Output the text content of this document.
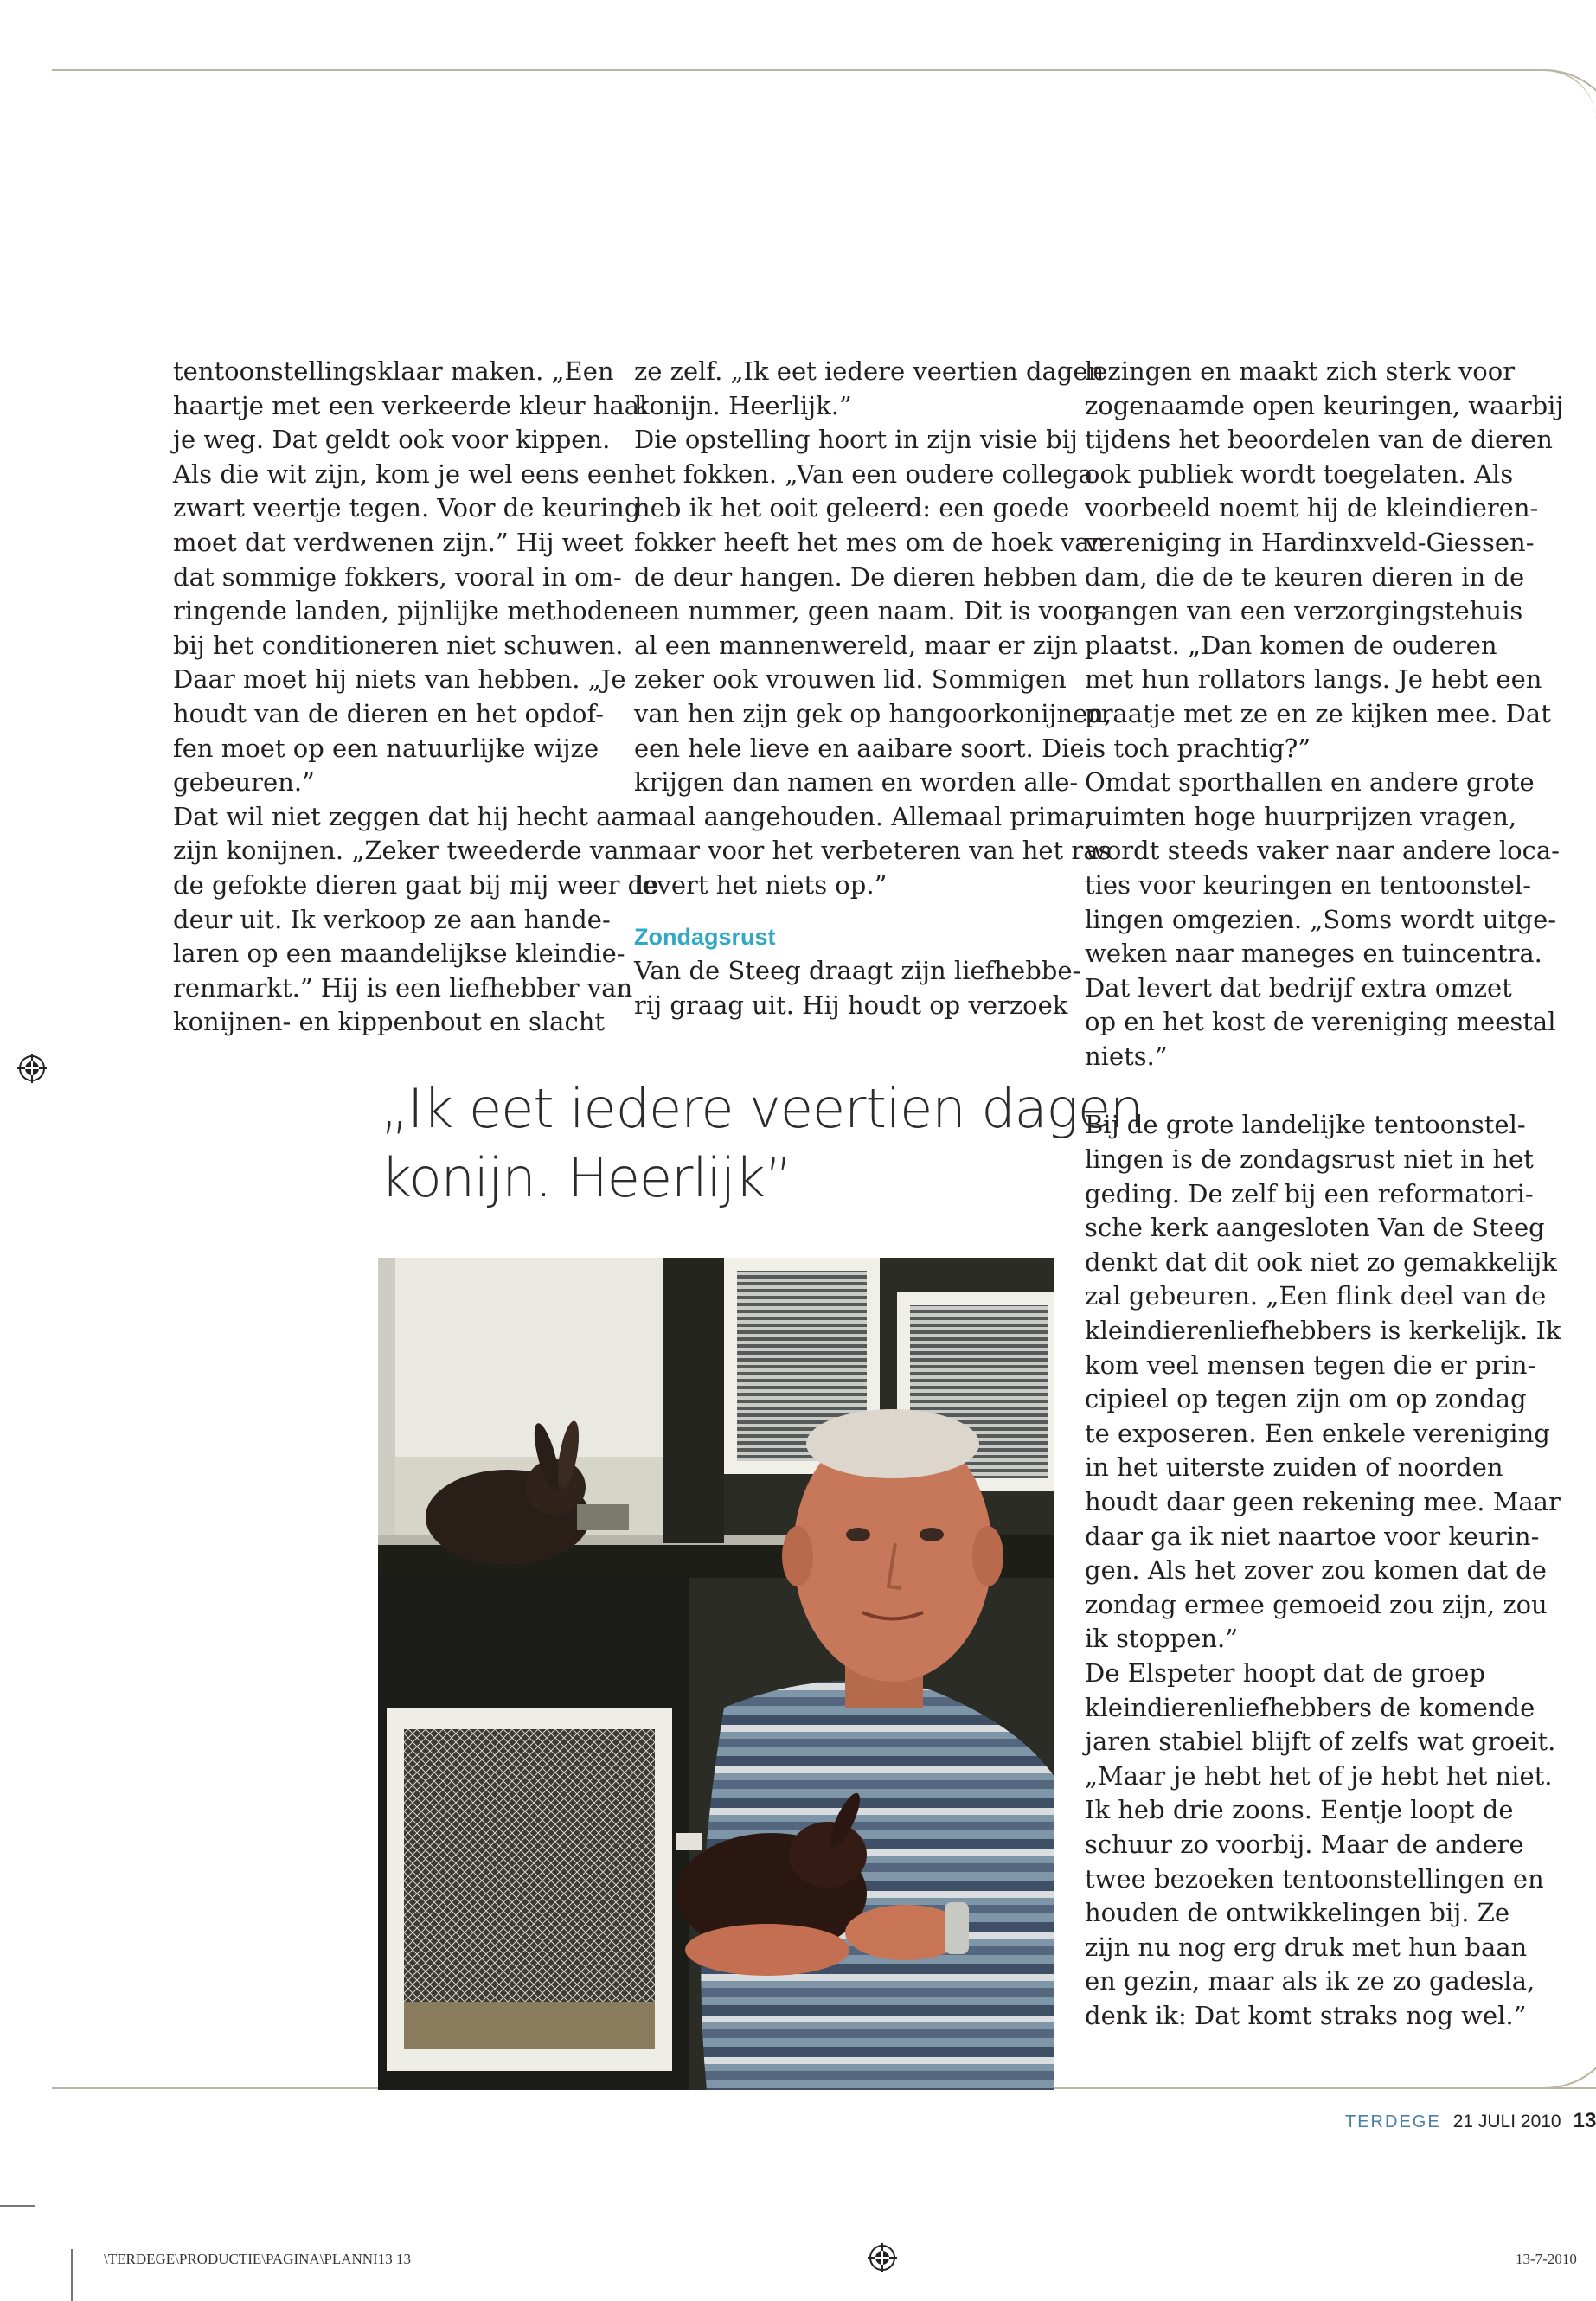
tentoonstellingsklaar maken. „Een
haartje met een verkeerde kleur haal
je weg. Dat geldt ook voor kippen.
Als die wit zijn, kom je wel eens een
zwart veertje tegen. Voor de keuring
moet dat verdwenen zijn.” Hij weet
dat sommige fokkers, vooral in om-
ringende landen, pijnlijke methoden
bij het conditioneren niet schuwen.
Daar moet hij niets van hebben. „Je
houdt van de dieren en het opdof-
fen moet op een natuurlijke wijze
gebeuren.”
Dat wil niet zeggen dat hij hecht aan
zijn konijnen. „Zeker tweederde van
de gefokte dieren gaat bij mij weer de
deur uit. Ik verkoop ze aan hande-
laren op een maandelijkse kleindie-
renmarkt.” Hij is een liefhebber van
konijnen- en kippenbout en slacht
ze zelf. „Ik eet iedere veertien dagen
konijn. Heerlijk.”
Die opstelling hoort in zijn visie bij
het fokken. „Van een oudere collega
heb ik het ooit geleerd: een goede
fokker heeft het mes om de hoek van
de deur hangen. De dieren hebben
een nummer, geen naam. Dit is voor-
al een mannenwereld, maar er zijn
zeker ook vrouwen lid. Sommigen
van hen zijn gek op hangoorkonijnen,
een hele lieve en aaibare soort. Die
krijgen dan namen en worden alle-
maal aangehouden. Allemaal prima,
maar voor het verbeteren van het ras
levert het niets op.”
Zondagsrust
Van de Steeg draagt zijn liefhebbe-
rij graag uit. Hij houdt op verzoek
lezingen en maakt zich sterk voor
zogenaamde open keuringen, waarbij
tijdens het beoordelen van de dieren
ook publiek wordt toegelaten. Als
voorbeeld noemt hij de kleindieren-
vereniging in Hardinxveld-Giessen-
dam, die de te keuren dieren in de
gangen van een verzorgingstehuis
plaatst. „Dan komen de ouderen
met hun rollators langs. Je hebt een
praatje met ze en ze kijken mee. Dat
is toch prachtig?”
Omdat sporthallen en andere grote
ruimten hoge huurprijzen vragen,
wordt steeds vaker naar andere loca-
ties voor keuringen en tentoonstel-
lingen omgezien. „Soms wordt uitge-
weken naar maneges en tuincentra.
Dat levert dat bedrijf extra omzet
op en het kost de vereniging meestal
niets.”
Bij de grote landelijke tentoonstel-
lingen is de zondagsrust niet in het
geding. De zelf bij een reformatori-
sche kerk aangesloten Van de Steeg
denkt dat dit ook niet zo gemakkelijk
zal gebeuren. „Een flink deel van de
kleindierenliefhebbers is kerkelijk. Ik
kom veel mensen tegen die er prin-
cipieel op tegen zijn om op zondag
te exposeren. Een enkele vereniging
in het uiterste zuiden of noorden
houdt daar geen rekening mee. Maar
daar ga ik niet naartoe voor keurin-
gen. Als het zover zou komen dat de
zondag ermee gemoeid zou zijn, zou
ik stoppen.”
De Elspeter hoopt dat de groep
kleindierenliefhebbers de komende
jaren stabiel blijft of zelfs wat groeit.
„Maar je hebt het of je hebt het niet.
Ik heb drie zoons. Eentje loopt de
schuur zo voorbij. Maar de andere
twee bezoeken tentoonstellingen en
houden de ontwikkelingen bij. Ze
zijn nu nog erg druk met hun baan
en gezin, maar als ik ze zo gadesla,
denk ik: Dat komt straks nog wel.”
„Ik eet iedere veertien dagen
konijn. Heerlijk”
TERDEGE 21 JULI 2010 13
\TERDEGE\PRODUCTIE\PAGINA\PLANNI13 13	13-7-2010
